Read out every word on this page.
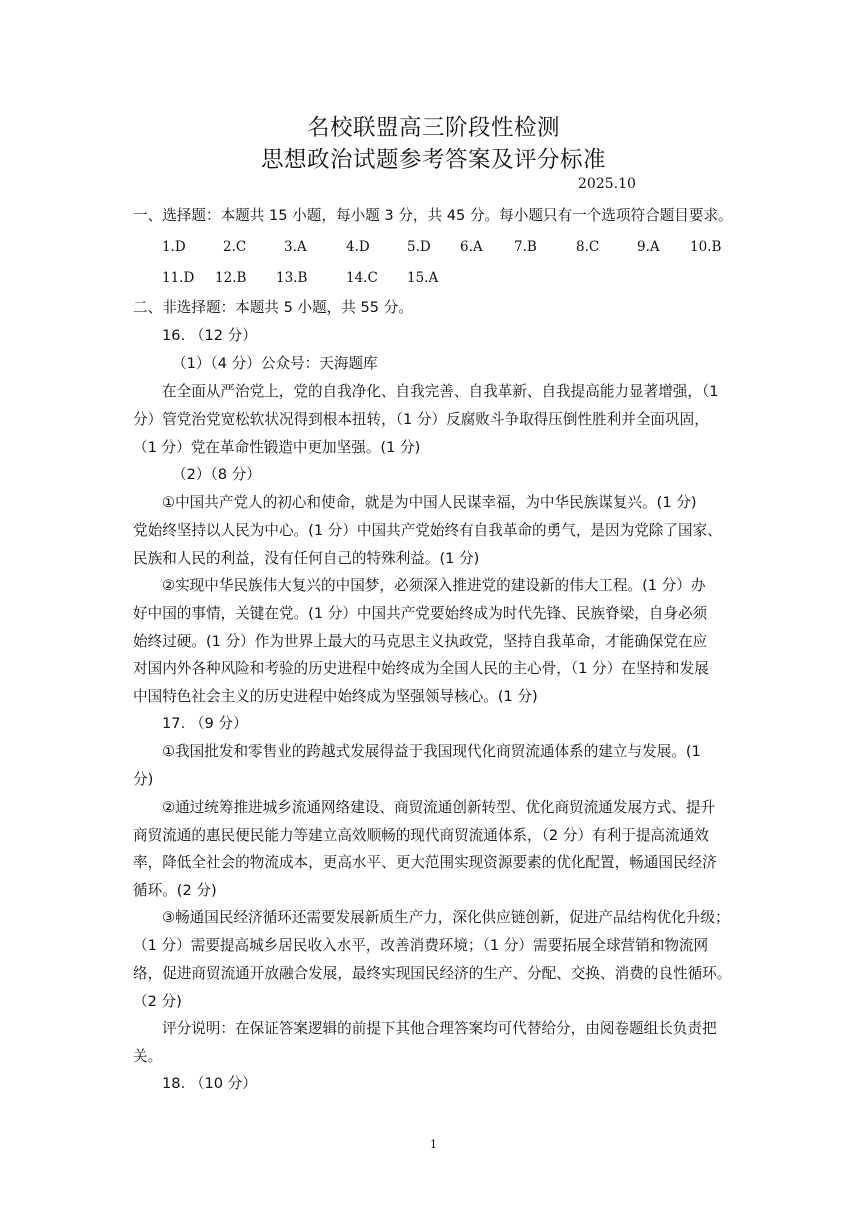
名校联盟高三阶段性检测
思想政治试题参考答案及评分标准
2025.10
一、选择题：本题共 15 小题，每小题 3 分，共 45 分。每小题只有一个选项符合题目要求。
1.D	2.C	3.A	4.D	5.D 6.A 7.B	8.C	9.A 10.B
11.D 12.B 13.B	14.C 15.A
二、非选择题：本题共 5 小题，共 55 分。
16. （12 分）
（1）（4 分）公众号：天海题库
在全面从严治党上，党的自我净化、自我完善、自我革新、自我提高能力显著增强，（1
分）管党治党宽松软状况得到根本扭转，（1 分）反腐败斗争取得压倒性胜利并全面巩固，
（1 分）党在革命性锻造中更加坚强。(1 分)
（2）（8 分）
①中国共产党人的初心和使命，就是为中国人民谋幸福，为中华民族谋复兴。(1 分)
党始终坚持以人民为中心。(1 分）中国共产党始终有自我革命的勇气，是因为党除了国家、
民族和人民的利益，没有任何自己的特殊利益。(1 分)
②实现中华民族伟大复兴的中国梦，必须深入推进党的建设新的伟大工程。(1 分）办
好中国的事情，关键在党。(1 分）中国共产党要始终成为时代先锋、民族脊梁，自身必须
始终过硬。(1 分）作为世界上最大的马克思主义执政党，坚持自我革命，才能确保党在应
对国内外各种风险和考验的历史进程中始终成为全国人民的主心骨，（1 分）在坚持和发展
中国特色社会主义的历史进程中始终成为坚强领导核心。(1 分)
17. （9 分）
①我国批发和零售业的跨越式发展得益于我国现代化商贸流通体系的建立与发展。(1
分)
②通过统筹推进城乡流通网络建设、商贸流通创新转型、优化商贸流通发展方式、提升
商贸流通的惠民便民能力等建立高效顺畅的现代商贸流通体系，（2 分）有利于提高流通效
率，降低全社会的物流成本，更高水平、更大范围实现资源要素的优化配置，畅通国民经济
循环。(2 分)
③畅通国民经济循环还需要发展新质生产力，深化供应链创新，促进产品结构优化升级；
（1 分）需要提高城乡居民收入水平，改善消费环境；（1 分）需要拓展全球营销和物流网
络，促进商贸流通开放融合发展，最终实现国民经济的生产、分配、交换、消费的良性循环。
（2 分)
评分说明：在保证答案逻辑的前提下其他合理答案均可代替给分，由阅卷题组长负责把
关。
18. （10 分）
1
